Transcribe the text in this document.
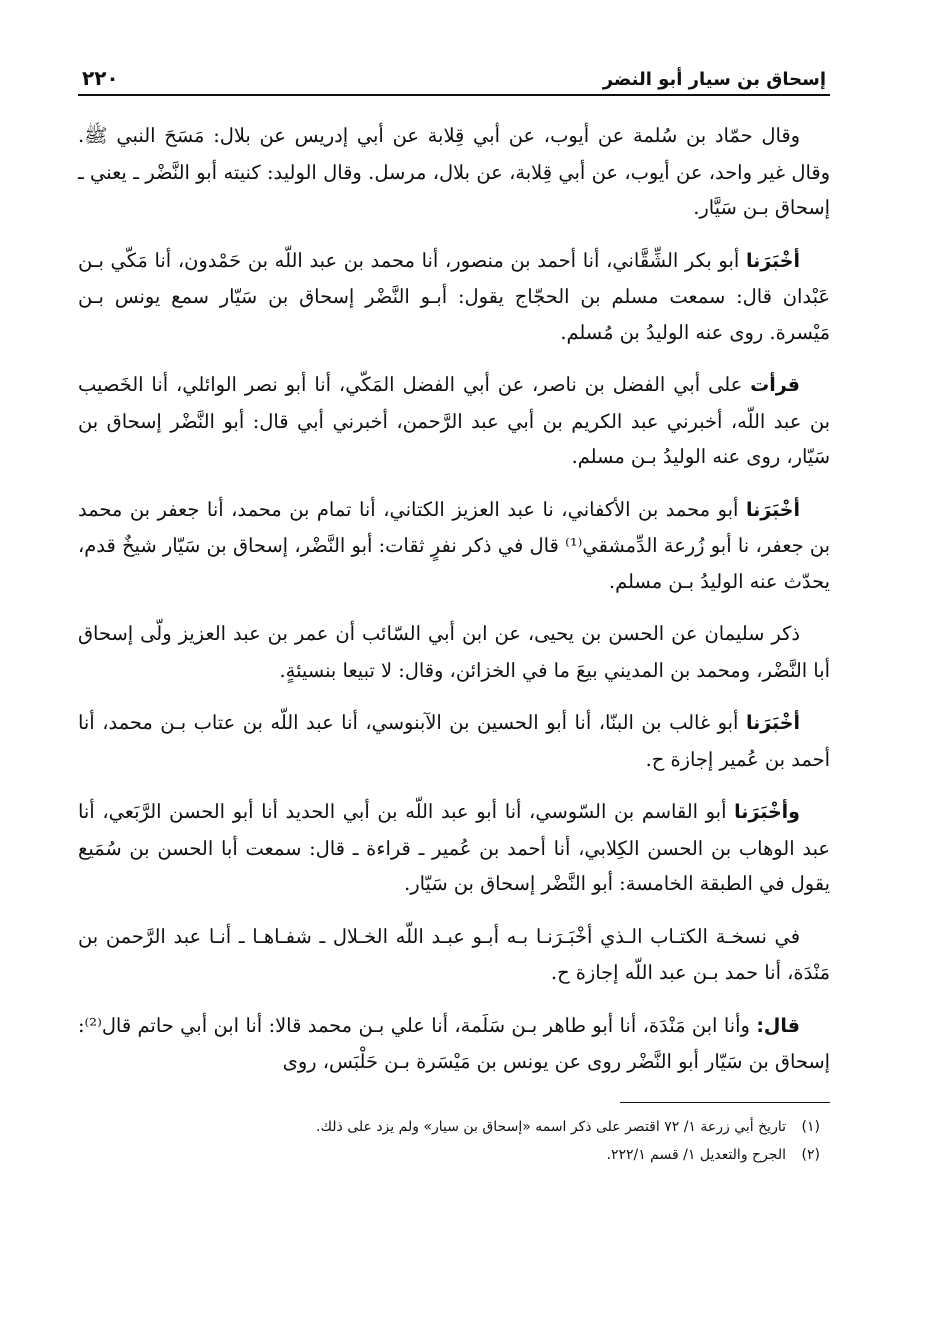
إسحاق بن سيار أبو النضر
٢٢٠

وقال حمّاد بن سُلمة عن أيوب، عن أبي قِلابة عن أبي إدريس عن بلال: مَسَحَ النبي ﷺ. وقال غير واحد، عن أيوب، عن أبي قِلابة، عن بلال، مرسل. وقال الوليد: كنيته أبو النَّضْر ـ يعني ـ إسحاق بـن سَيَّار.

أخْبَرَنا أبو بكر الشِّقَّاني، أنا أحمد بن منصور، أنا محمد بن عبد اللّه بن حَمْدون، أنا مَكّي بـن عَبْدان قال: سمعت مسلم بن الحجّاج يقول: أبـو النَّضْر إسحاق بن سَيّار سمع يونس بـن مَيْسرة. روى عنه الوليدُ بن مُسلم.

قرأت على أبي الفضل بن ناصر، عن أبي الفضل المَكّي، أنا أبو نصر الوائلي، أنا الخَصيب بن عبد اللّه، أخبرني عبد الكريم بن أبي عبد الرَّحمن، أخبرني أبي قال: أبو النَّضْر إسحاق بن سَيّار، روى عنه الوليدُ بـن مسلم.

أخْبَرَنا أبو محمد بن الأكفاني، نا عبد العزيز الكتاني، أنا تمام بن محمد، أنا جعفر بن محمد بن جعفر، نا أبو زُرعة الدِّمشقي⁽¹⁾ قال في ذكر نفرٍ ثقات: أبو النَّضْر، إسحاق بن سَيّار شيخٌ قدم، يحدّث عنه الوليدُ بـن مسلم.

ذكر سليمان عن الحسن بن يحيى، عن ابن أبي السّائب أن عمر بن عبد العزيز ولّى إسحاق أبا النَّضْر، ومحمد بن المديني بيعَ ما في الخزائن، وقال: لا تبيعا بنسيئةٍ.

أخْبَرَنا أبو غالب بن البنّا، أنا أبو الحسين بن الآبنوسي، أنا عبد اللّه بن عتاب بـن محمد، أنا أحمد بن عُمير إجازة ح.

وأخْبَرَنا أبو القاسم بن السّوسي، أنا أبو عبد اللّه بن أبي الحديد أنا أبو الحسن الرَّبَعي، أنا عبد الوهاب بن الحسن الكِلابي، أنا أحمد بن عُمير ـ قراءة ـ قال: سمعت أبا الحسن بن سُمَيع يقول في الطبقة الخامسة: أبو النَّضْر إسحاق بن سَيّار.

في نسخـة الكتـاب الـذي أخْبَـرَنـا بـه أبـو عبـد اللّه الخـلال ـ شفـاهـا ـ أنـا عبد الرَّحمن بن مَنْدَة، أنا حمد بـن عبد اللّه إجازة ح.

قال: وأنا ابن مَنْدَة، أنا أبو طاهر بـن سَلَمة، أنا علي بـن محمد قالا: أنا ابن أبي حاتم قال⁽²⁾: إسحاق بن سَيّار أبو النَّضْر روى عن يونس بن مَيْسَرة بـن حَلْبَس، روى

(١)تاريخ أبي زرعة ١/ ٧٢ اقتصر على ذكر اسمه «إسحاق بن سيار» ولم يزد على ذلك.

(٢)الجرح والتعديل ١/ قسم ٢٢٢/١.
